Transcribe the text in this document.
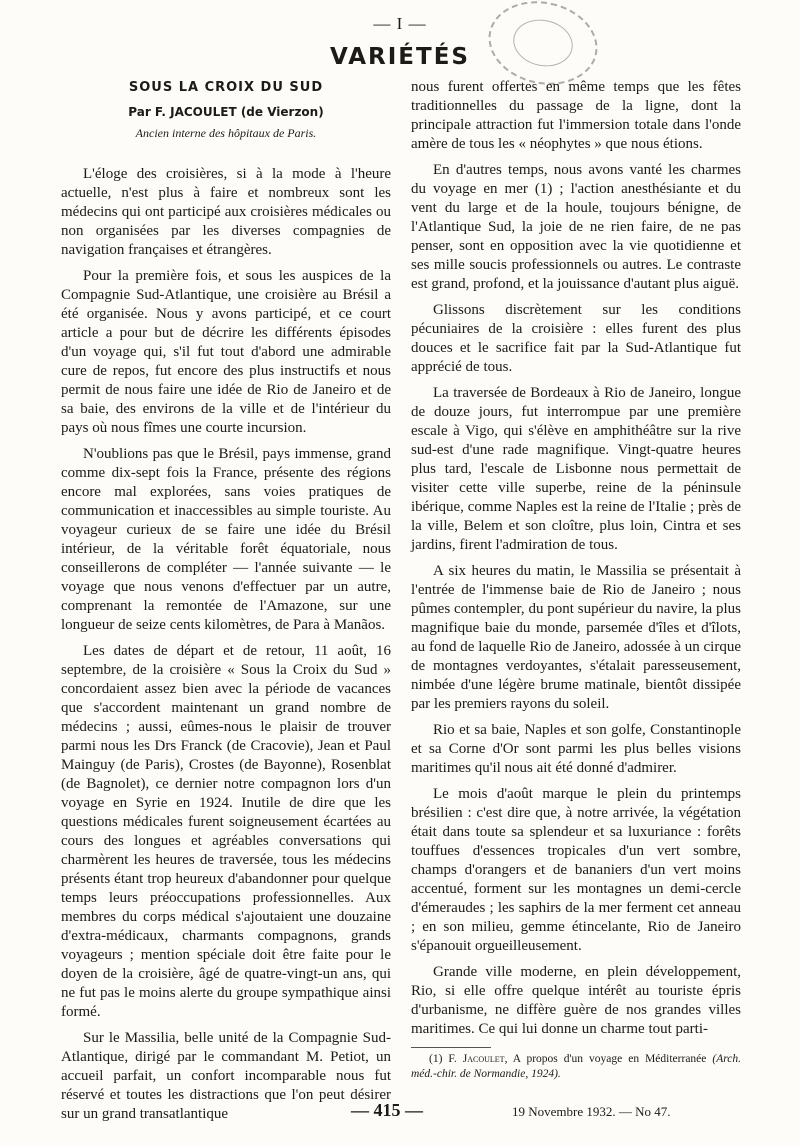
— I —
VARIÉTÉS
SOUS LA CROIX DU SUD
Par F. JACOULET (de Vierzon)
Ancien interne des hôpitaux de Paris.

L'éloge des croisières, si à la mode à l'heure actuelle, n'est plus à faire et nombreux sont les médecins qui ont participé aux croisières médicales ou non organisées par les diverses compagnies de navigation françaises et étrangères.

Pour la première fois, et sous les auspices de la Compagnie Sud-Atlantique, une croisière au Brésil a été organisée. Nous y avons participé, et ce court article a pour but de décrire les différents épisodes d'un voyage qui, s'il fut tout d'abord une admirable cure de repos, fut encore des plus instructifs et nous permit de nous faire une idée de Rio de Janeiro et de sa baie, des environs de la ville et de l'intérieur du pays où nous fîmes une courte incursion.

N'oublions pas que le Brésil, pays immense, grand comme dix-sept fois la France, présente des régions encore mal explorées, sans voies pratiques de communication et inaccessibles au simple touriste. Au voyageur curieux de se faire une idée du Brésil intérieur, de la véritable forêt équatoriale, nous conseillerons de compléter — l'année suivante — le voyage que nous venons d'effectuer par un autre, comprenant la remontée de l'Amazone, sur une longueur de seize cents kilomètres, de Para à Manãos.

Les dates de départ et de retour, 11 août, 16 septembre, de la croisière « Sous la Croix du Sud » concordaient assez bien avec la période de vacances que s'accordent maintenant un grand nombre de médecins ; aussi, eûmes-nous le plaisir de trouver parmi nous les Drs Franck (de Cracovie), Jean et Paul Mainguy (de Paris), Crostes (de Bayonne), Rosenblat (de Bagnolet), ce dernier notre compagnon lors d'un voyage en Syrie en 1924. Inutile de dire que les questions médicales furent soigneusement écartées au cours des longues et agréables conversations qui charmèrent les heures de traversée, tous les médecins présents étant trop heureux d'abandonner pour quelque temps leurs préoccupations professionnelles. Aux membres du corps médical s'ajoutaient une douzaine d'extra-médicaux, charmants compagnons, grands voyageurs ; mention spéciale doit être faite pour le doyen de la croisière, âgé de quatre-vingt-un ans, qui ne fut pas le moins alerte du groupe sympathique ainsi formé.

Sur le Massilia, belle unité de la Compagnie Sud-Atlantique, dirigé par le commandant M. Petiot, un accueil parfait, un confort incomparable nous fut réservé et toutes les distractions que l'on peut désirer sur un grand transatlantique

nous furent offertes en même temps que les fêtes traditionnelles du passage de la ligne, dont la principale attraction fut l'immersion totale dans l'onde amère de tous les « néophytes » que nous étions.

En d'autres temps, nous avons vanté les charmes du voyage en mer (1) ; l'action anesthésiante et du vent du large et de la houle, toujours bénigne, de l'Atlantique Sud, la joie de ne rien faire, de ne pas penser, sont en opposition avec la vie quotidienne et ses mille soucis professionnels ou autres. Le contraste est grand, profond, et la jouissance d'autant plus aiguë.

Glissons discrètement sur les conditions pécuniaires de la croisière : elles furent des plus douces et le sacrifice fait par la Sud-Atlantique fut apprécié de tous.

La traversée de Bordeaux à Rio de Janeiro, longue de douze jours, fut interrompue par une première escale à Vigo, qui s'élève en amphithéâtre sur la rive sud-est d'une rade magnifique. Vingt-quatre heures plus tard, l'escale de Lisbonne nous permettait de visiter cette ville superbe, reine de la péninsule ibérique, comme Naples est la reine de l'Italie ; près de la ville, Belem et son cloître, plus loin, Cintra et ses jardins, firent l'admiration de tous.

A six heures du matin, le Massilia se présentait à l'entrée de l'immense baie de Rio de Janeiro ; nous pûmes contempler, du pont supérieur du navire, la plus magnifique baie du monde, parsemée d'îles et d'îlots, au fond de laquelle Rio de Janeiro, adossée à un cirque de montagnes verdoyantes, s'étalait paresseusement, nimbée d'une légère brume matinale, bientôt dissipée par les premiers rayons du soleil.

Rio et sa baie, Naples et son golfe, Constantinople et sa Corne d'Or sont parmi les plus belles visions maritimes qu'il nous ait été donné d'admirer.

Le mois d'août marque le plein du printemps brésilien : c'est dire que, à notre arrivée, la végétation était dans toute sa splendeur et sa luxuriance : forêts touffues d'essences tropicales d'un vert sombre, champs d'orangers et de bananiers d'un vert moins accentué, forment sur les montagnes un demi-cercle d'émeraudes ; les saphirs de la mer ferment cet anneau ; en son milieu, gemme étincelante, Rio de Janeiro s'épanouit orgueilleusement.

Grande ville moderne, en plein développement, Rio, si elle offre quelque intérêt au touriste épris d'urbanisme, ne diffère guère de nos grandes villes maritimes. Ce qui lui donne un charme tout parti-

(1) F. Jacoulet, A propos d'un voyage en Méditerranée (Arch. méd.-chir. de Normandie, 1924).
— 415 —	19 Novembre 1932. — No 47.
